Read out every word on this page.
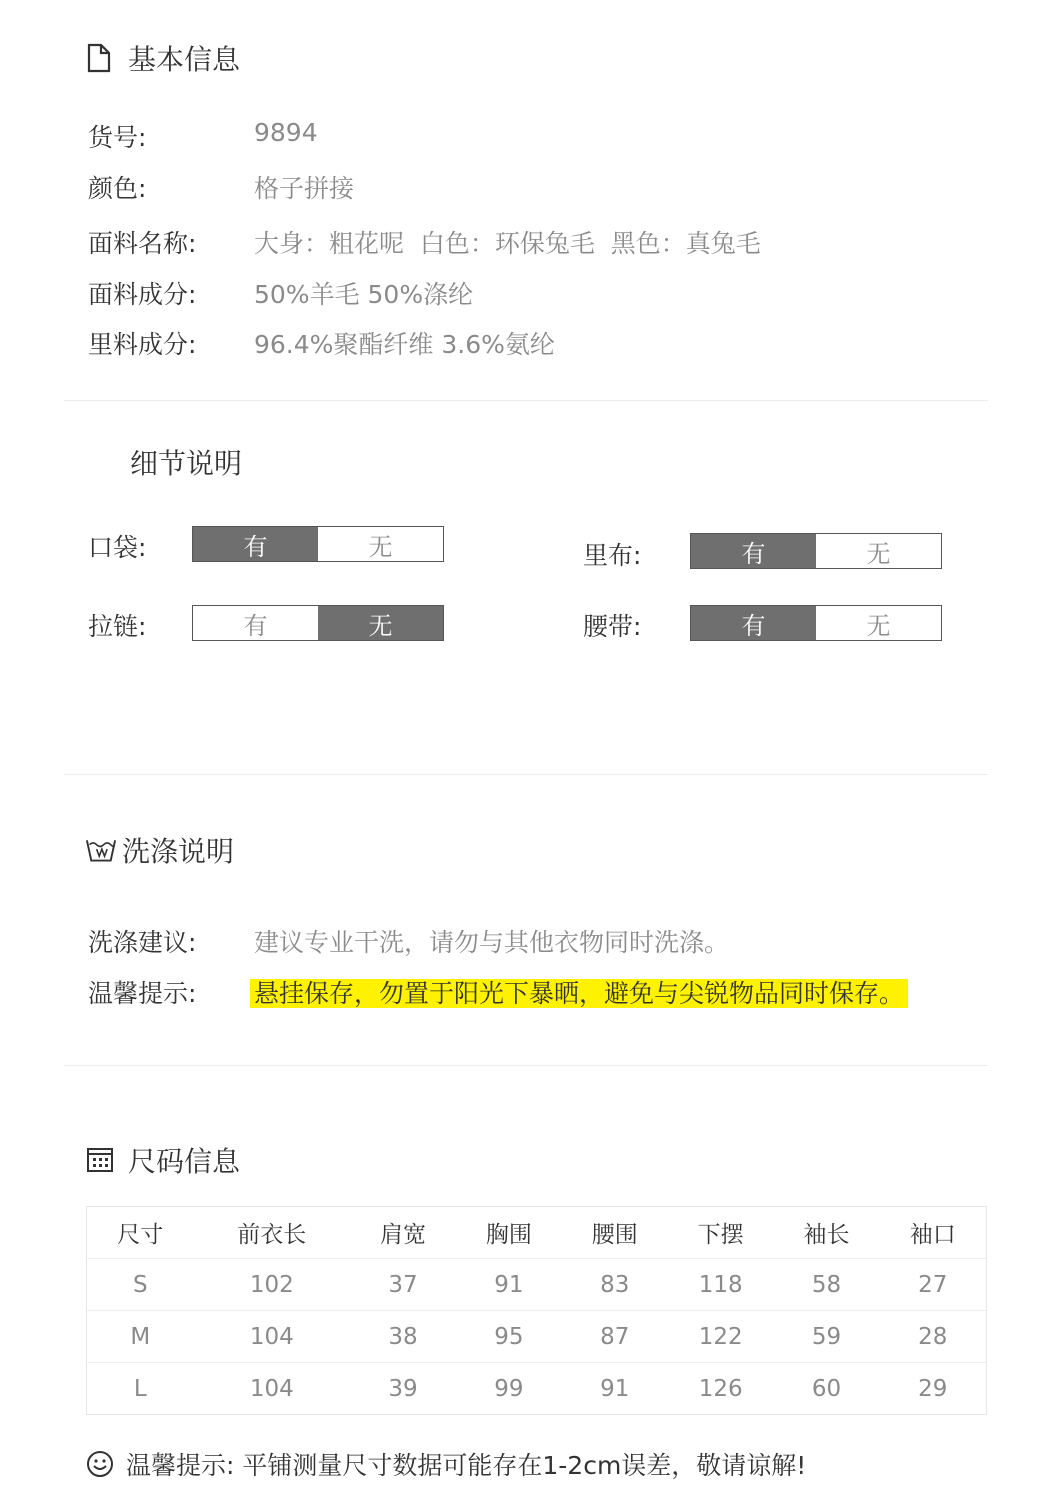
基本信息
货号:	9894
颜色:	格子拼接
面料名称: 大身：粗花呢  白色：环保兔毛  黑色：真兔毛
面料成分: 50%羊毛 50%涤纶
里料成分: 96.4%聚酯纤维 3.6%氨纶
细节说明
口袋:	有	无	里布:	有	无
拉链:	有	无	腰带:	有	无
洗涤说明
洗涤建议: 建议专业干洗，请勿与其他衣物同时洗涤。
温馨提示: 悬挂保存，勿置于阳光下暴晒，避免与尖锐物品同时保存。
尺码信息
尺寸	前衣长	肩宽	胸围	腰围	下摆	袖长	袖口
S	102	37	91	83	118	58	27
M	104	38	95	87	122	59	28
L	104	39	99	91	126	60	29
温馨提示: 平铺测量尺寸数据可能存在1-2cm误差，敬请谅解!
